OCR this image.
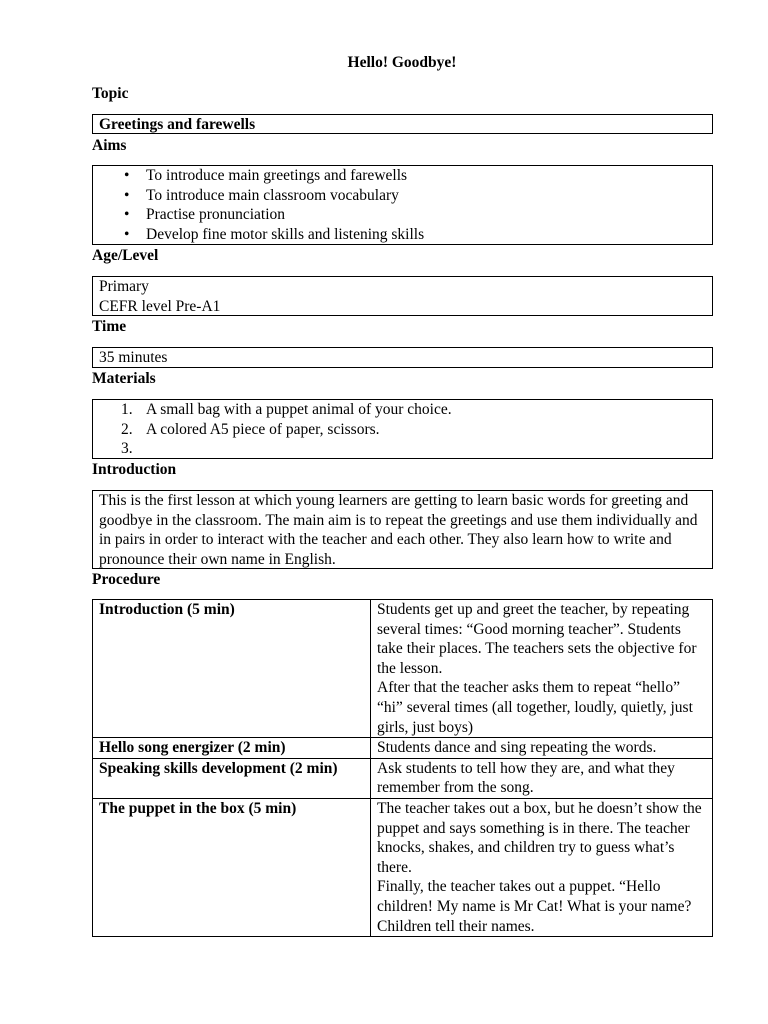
Hello! Goodbye!
Topic
Greetings and farewells
Aims
• To introduce main greetings and farewells
• To introduce main classroom vocabulary
• Practise pronunciation
• Develop fine motor skills and listening skills
Age/Level
Primary
CEFR level Pre-A1
Time
35 minutes
Materials
1. A small bag with a puppet animal of your choice.
2. A colored A5 piece of paper, scissors.
3.
Introduction
This is the first lesson at which young learners are getting to learn basic words for greeting and goodbye in the classroom. The main aim is to repeat the greetings and use them individually and in pairs in order to interact with the teacher and each other. They also learn how to write and pronounce their own name in English.
Procedure
Introduction (5 min)	Students get up and greet the teacher, by repeating several times: “Good morning teacher”. Students take their places. The teachers sets the objective for the lesson.
After that the teacher asks them to repeat “hello” “hi” several times (all together, loudly, quietly, just girls, just boys)

Hello song energizer (2 min)	Students dance and sing repeating the words.

Speaking skills development (2 min)	Ask students to tell how they are, and what they remember from the song.

The puppet in the box (5 min)	The teacher takes out a box, but he doesn’t show the puppet and says something is in there. The teacher knocks, shakes, and children try to guess what’s there.
Finally, the teacher takes out a puppet. “Hello children! My name is Mr Cat! What is your name?
Children tell their names.
